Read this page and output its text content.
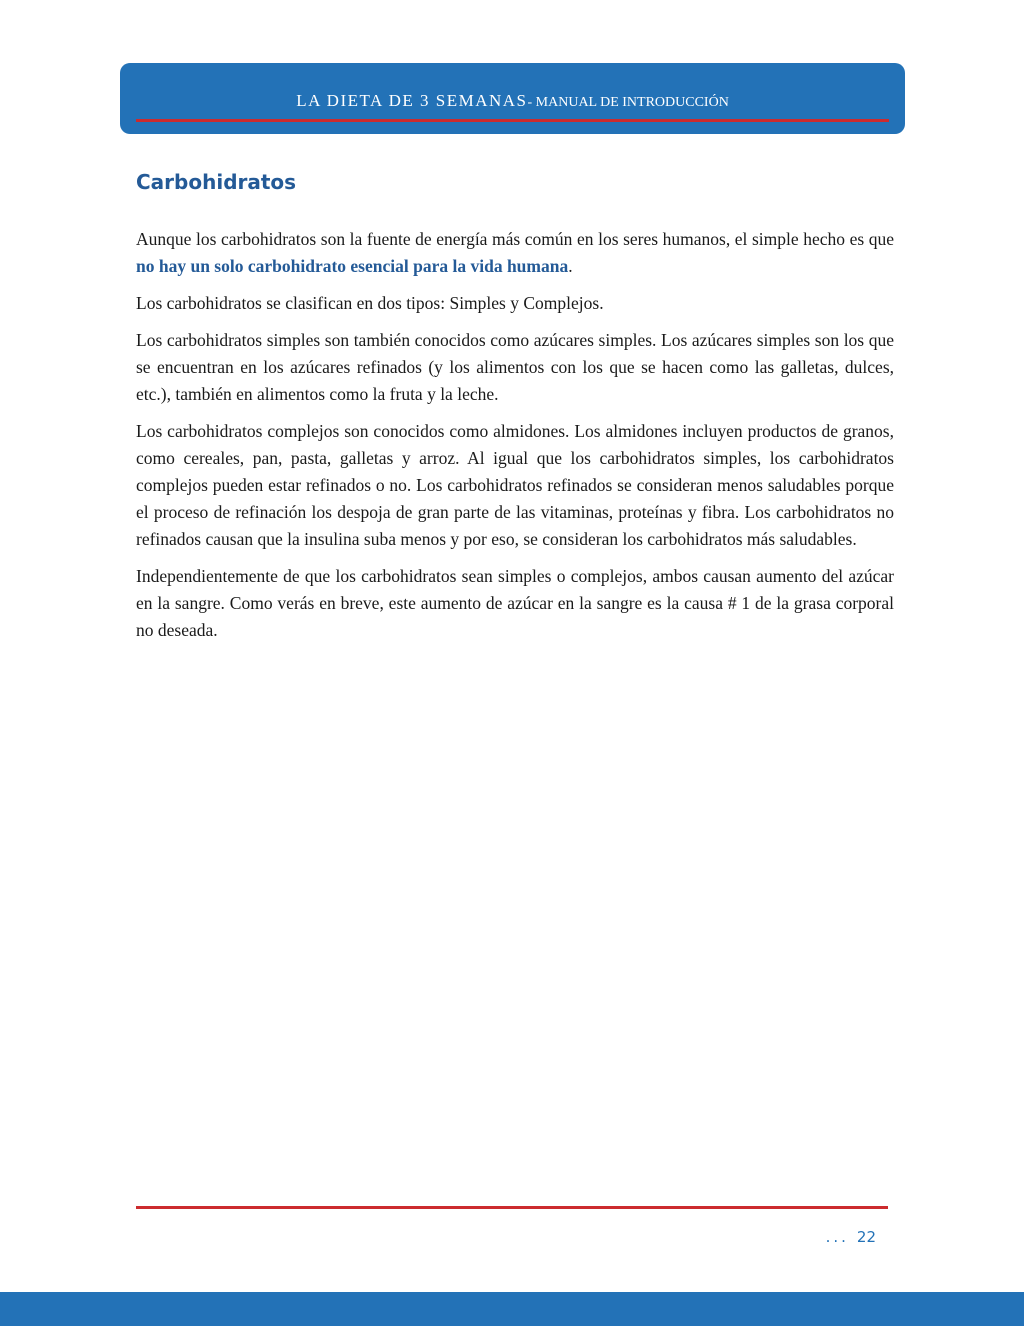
LA DIETA DE 3 SEMANAS- MANUAL DE INTRODUCCIÓN
Carbohidratos

Aunque los carbohidratos son la fuente de energía más común en los seres humanos, el simple hecho es que no hay un solo carbohidrato esencial para la vida humana.

Los carbohidratos se clasifican en dos tipos: Simples y Complejos.

Los carbohidratos simples son también conocidos como azúcares simples. Los azúcares simples son los que se encuentran en los azúcares refinados (y los alimentos con los que se hacen como las galletas, dulces, etc.), también en alimentos como la fruta y la leche.

Los carbohidratos complejos son conocidos como almidones. Los almidones incluyen productos de granos, como cereales, pan, pasta, galletas y arroz. Al igual que los carbohidratos simples, los carbohidratos complejos pueden estar refinados o no. Los carbohidratos refinados se consideran menos saludables porque el proceso de refinación los despoja de gran parte de las vitaminas, proteínas y fibra. Los carbohidratos no refinados causan que la insulina suba menos y por eso, se consideran los carbohidratos más saludables.

Independientemente de que los carbohidratos sean simples o complejos, ambos causan aumento del azúcar en la sangre. Como verás en breve, este aumento de azúcar en la sangre es la causa # 1 de la grasa corporal no deseada.

... 22
